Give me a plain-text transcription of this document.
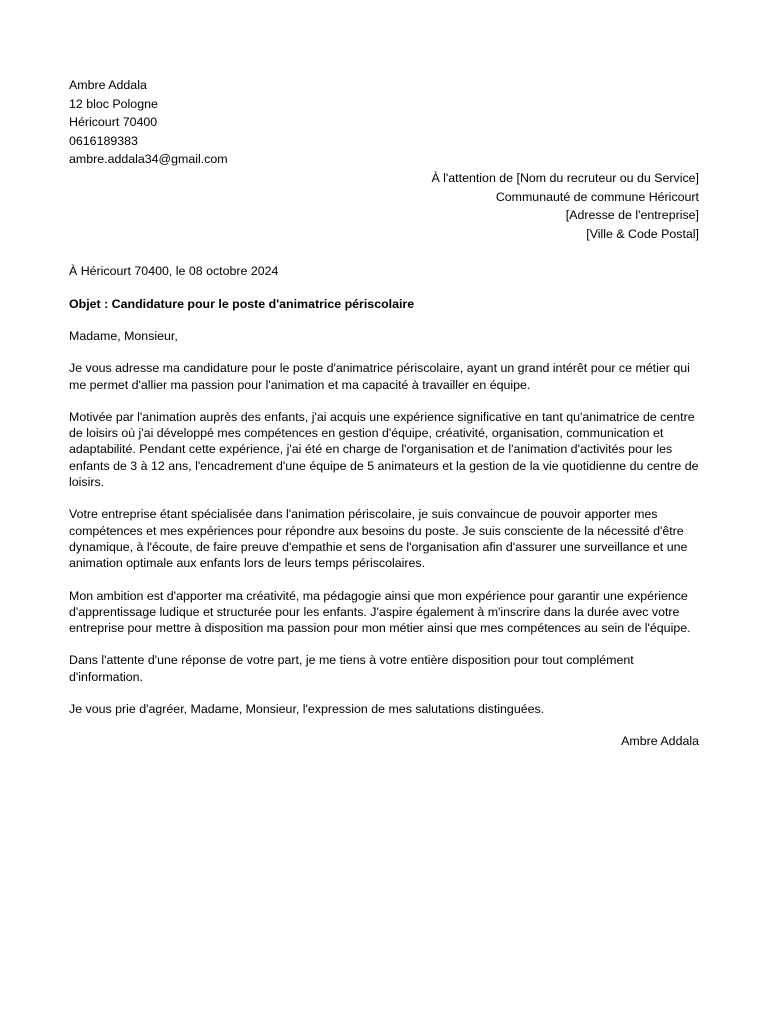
Ambre Addala
12 bloc Pologne
Héricourt 70400
0616189383
ambre.addala34@gmail.com
À l'attention de [Nom du recruteur ou du Service]
Communauté de commune Héricourt
[Adresse de l'entreprise]
[Ville & Code Postal]
À Héricourt 70400, le 08 octobre 2024
Objet : Candidature pour le poste d'animatrice périscolaire
Madame, Monsieur,
Je vous adresse ma candidature pour le poste d'animatrice périscolaire, ayant un grand intérêt pour ce métier qui me permet d'allier ma passion pour l'animation et ma capacité à travailler en équipe.
Motivée par l'animation auprès des enfants, j'ai acquis une expérience significative en tant qu'animatrice de centre de loisirs où j'ai développé mes compétences en gestion d'équipe, créativité, organisation, communication et adaptabilité. Pendant cette expérience, j'ai été en charge de l'organisation et de l'animation d'activités pour les enfants de 3 à 12 ans, l'encadrement d'une équipe de 5 animateurs et la gestion de la vie quotidienne du centre de loisirs.
Votre entreprise étant spécialisée dans l'animation périscolaire, je suis convaincue de pouvoir apporter mes compétences et mes expériences pour répondre aux besoins du poste. Je suis consciente de la nécessité d'être dynamique, à l'écoute, de faire preuve d'empathie et sens de l'organisation afin d'assurer une surveillance et une animation optimale aux enfants lors de leurs temps périscolaires.
Mon ambition est d'apporter ma créativité, ma pédagogie ainsi que mon expérience pour garantir une expérience d'apprentissage ludique et structurée pour les enfants. J'aspire également à m'inscrire dans la durée avec votre entreprise pour mettre à disposition ma passion pour mon métier ainsi que mes compétences au sein de l'équipe.
Dans l'attente d'une réponse de votre part, je me tiens à votre entière disposition pour tout complément d'information.
Je vous prie d'agréer, Madame, Monsieur, l'expression de mes salutations distinguées.
Ambre Addala
